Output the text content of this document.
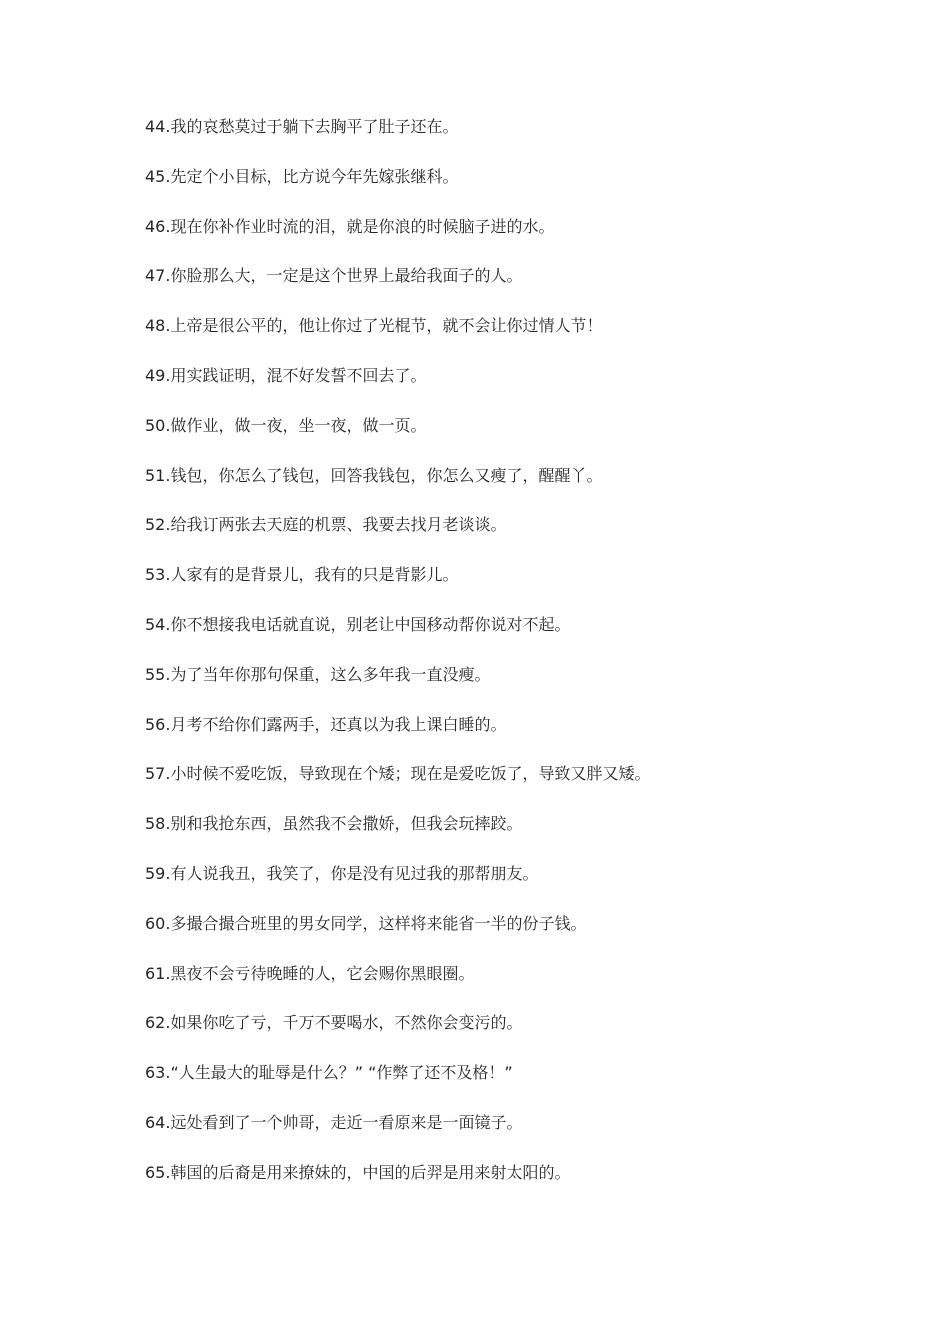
44.我的哀愁莫过于躺下去胸平了肚子还在。
45.先定个小目标，比方说今年先嫁张继科。
46.现在你补作业时流的泪，就是你浪的时候脑子进的水。
47.你脸那么大，一定是这个世界上最给我面子的人。
48.上帝是很公平的，他让你过了光棍节，就不会让你过情人节！
49.用实践证明，混不好发誓不回去了。
50.做作业，做一夜，坐一夜，做一页。
51.钱包，你怎么了钱包，回答我钱包，你怎么又瘦了，醒醒丫。
52.给我订两张去天庭的机票、我要去找月老谈谈。
53.人家有的是背景儿，我有的只是背影儿。
54.你不想接我电话就直说，别老让中国移动帮你说对不起。
55.为了当年你那句保重，这么多年我一直没瘦。
56.月考不给你们露两手，还真以为我上课白睡的。
57.小时候不爱吃饭，导致现在个矮；现在是爱吃饭了，导致又胖又矮。
58.别和我抢东西，虽然我不会撒娇，但我会玩摔跤。
59.有人说我丑，我笑了，你是没有见过我的那帮朋友。
60.多撮合撮合班里的男女同学，这样将来能省一半的份子钱。
61.黑夜不会亏待晚睡的人，它会赐你黑眼圈。
62.如果你吃了亏，千万不要喝水，不然你会变污的。
63.“人生最大的耻辱是什么？” “作弊了还不及格！”
64.远处看到了一个帅哥，走近一看原来是一面镜子。
65.韩国的后裔是用来撩妹的，中国的后羿是用来射太阳的。
